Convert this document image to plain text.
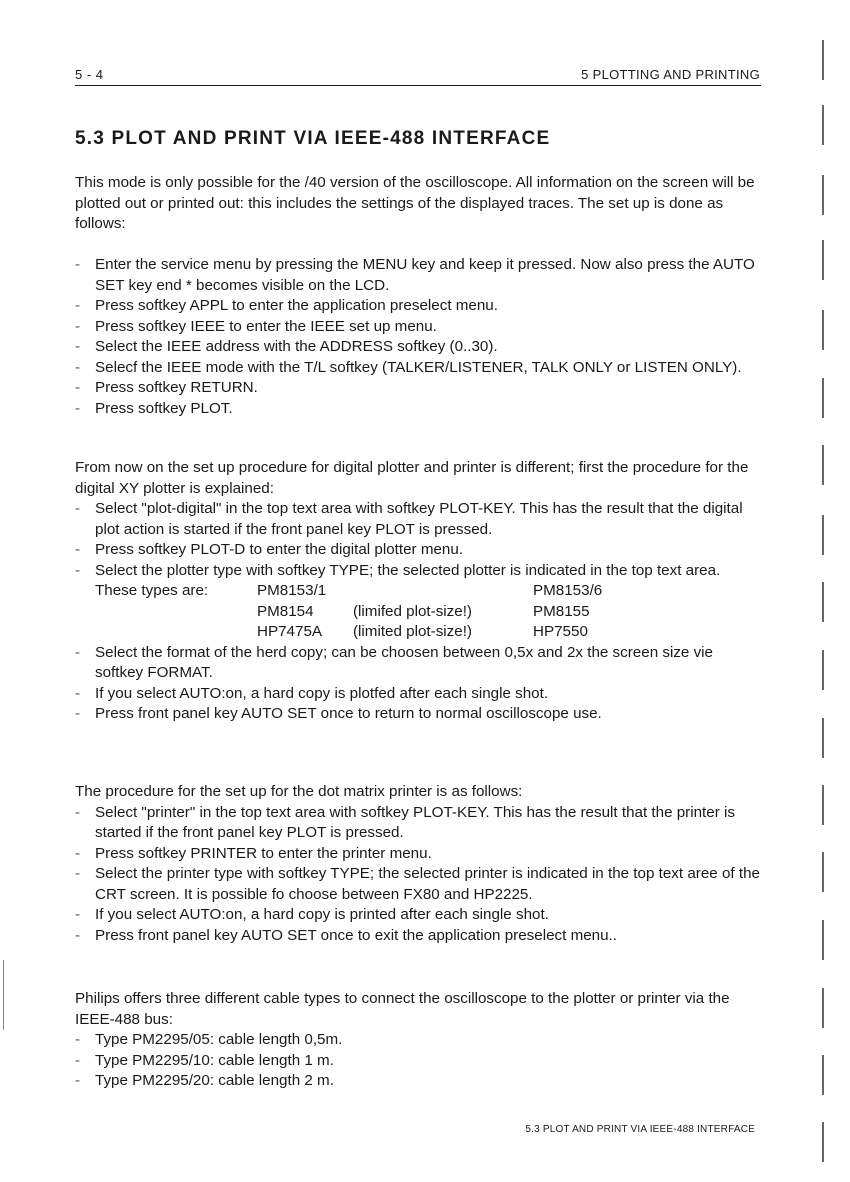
5 - 4	5 PLOTTING AND PRINTING
5.3 PLOT AND PRINT VIA IEEE-488 INTERFACE

This mode is only possible for the /40 version of the oscilloscope. All information on the screen will be plotted out or printed out: this includes the settings of the displayed traces. The set up is done as follows:

- Enter the service menu by pressing the MENU key and keep it pressed. Now also press the AUTO SET key end * becomes visible on the LCD.
- Press softkey APPL to enter the application preselect menu.
- Press softkey IEEE to enter the IEEE set up menu.
- Select the IEEE address with the ADDRESS softkey (0..30).
- Selecf the IEEE mode with the T/L softkey (TALKER/LISTENER, TALK ONLY or LISTEN ONLY).
- Press softkey RETURN.
- Press softkey PLOT.

From now on the set up procedure for digital plotter and printer is different; first the procedure for the digital XY plotter is explained:

- Select "plot-digital" in the top text area with softkey PLOT-KEY. This has the result that the digital plot action is started if the front panel key PLOT is pressed.
- Press softkey PLOT-D to enter the digital plotter menu.
- Select the plotter type with softkey TYPE; the selected plotter is indicated in the top text area.
These types are:	PM8153/1		PM8153/6
	PM8154	(limifed plot-size!)	PM8155
	HP7475A	(limited plot-size!)	HP7550
- Select the format of the herd copy; can be choosen between 0,5x and 2x the screen size vie softkey FORMAT.
- If you select AUTO:on, a hard copy is plotfed after each single shot.
- Press front panel key AUTO SET once to return to normal oscilloscope use.

The procedure for the set up for the dot matrix printer is as follows:

- Select "printer" in the top text area with softkey PLOT-KEY. This has the result that the printer is started if the front panel key PLOT is pressed.
- Press softkey PRINTER to enter the printer menu.
- Select the printer type with softkey TYPE; the selected printer is indicated in the top text aree of the CRT screen. It is possible fo choose between FX80 and HP2225.
- If you select AUTO:on, a hard copy is printed after each single shot.
- Press front panel key AUTO SET once to exit the application preselect menu..

Philips offers three different cable types to connect the oscilloscope to the plotter or printer via the IEEE-488 bus:

- Type PM2295/05: cable length 0,5m.
- Type PM2295/10: cable length 1 m.
- Type PM2295/20: cable length 2 m.
5.3 PLOT AND PRINT VIA IEEE-488 INTERFACE
